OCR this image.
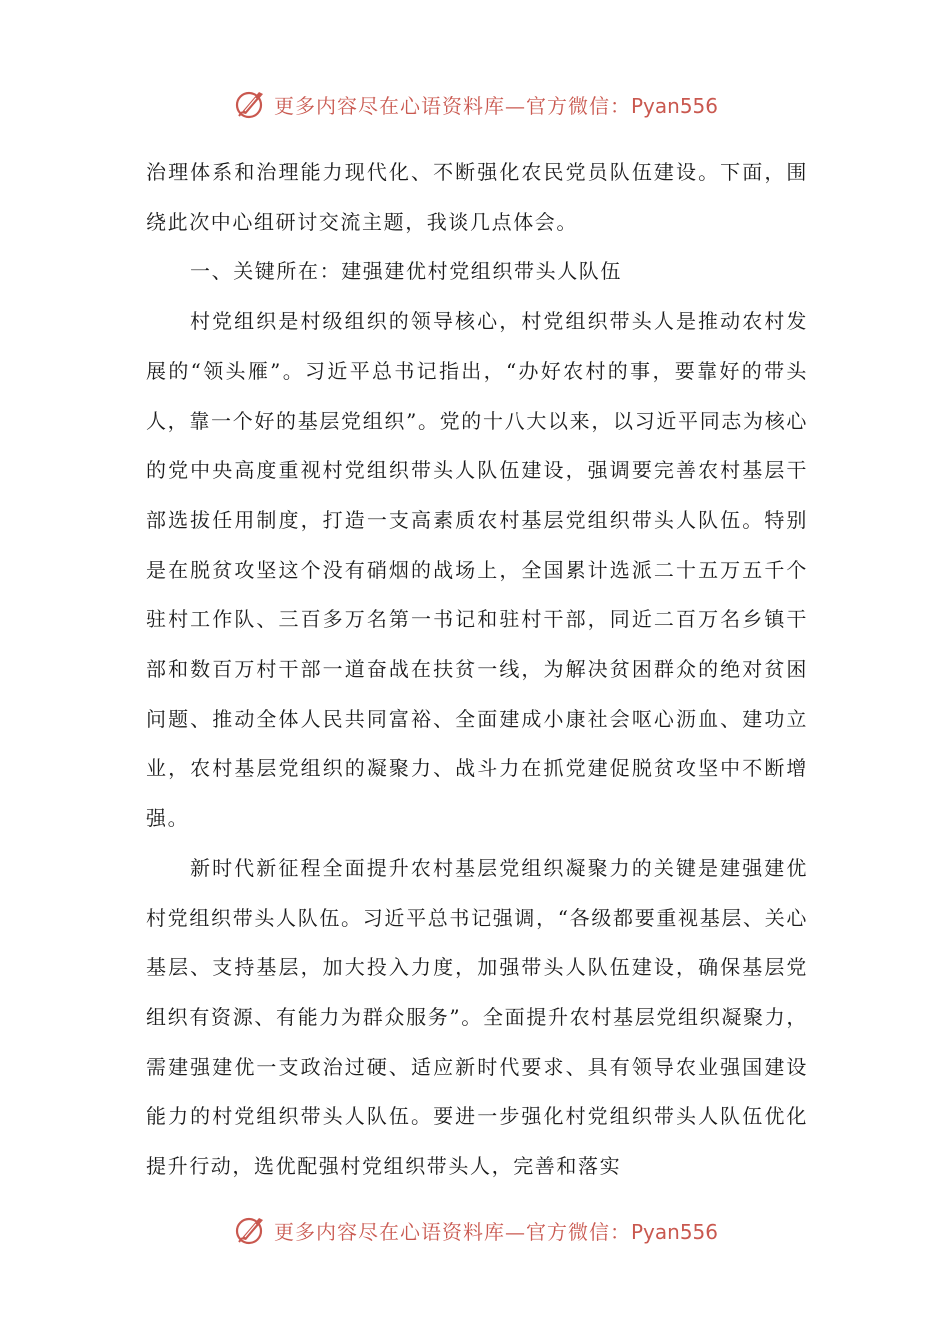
更多内容尽在心语资料库—官方微信：Pyan556

治理体系和治理能力现代化、不断强化农民党员队伍建设。下面，围绕此次中心组研讨交流主题，我谈几点体会。

一、关键所在：建强建优村党组织带头人队伍

村党组织是村级组织的领导核心，村党组织带头人是推动农村发展的“领头雁”。习近平总书记指出，“办好农村的事，要靠好的带头人，靠一个好的基层党组织”。党的十八大以来，以习近平同志为核心的党中央高度重视村党组织带头人队伍建设，强调要完善农村基层干部选拔任用制度，打造一支高素质农村基层党组织带头人队伍。特别是在脱贫攻坚这个没有硝烟的战场上，全国累计选派二十五万五千个驻村工作队、三百多万名第一书记和驻村干部，同近二百万名乡镇干部和数百万村干部一道奋战在扶贫一线，为解决贫困群众的绝对贫困问题、推动全体人民共同富裕、全面建成小康社会呕心沥血、建功立业，农村基层党组织的凝聚力、战斗力在抓党建促脱贫攻坚中不断增强。

新时代新征程全面提升农村基层党组织凝聚力的关键是建强建优村党组织带头人队伍。习近平总书记强调，“各级都要重视基层、关心基层、支持基层，加大投入力度，加强带头人队伍建设，确保基层党组织有资源、有能力为群众服务”。全面提升农村基层党组织凝聚力，需建强建优一支政治过硬、适应新时代要求、具有领导农业强国建设能力的村党组织带头人队伍。要进一步强化村党组织带头人队伍优化提升行动，选优配强村党组织带头人，完善和落实

更多内容尽在心语资料库—官方微信：Pyan556
